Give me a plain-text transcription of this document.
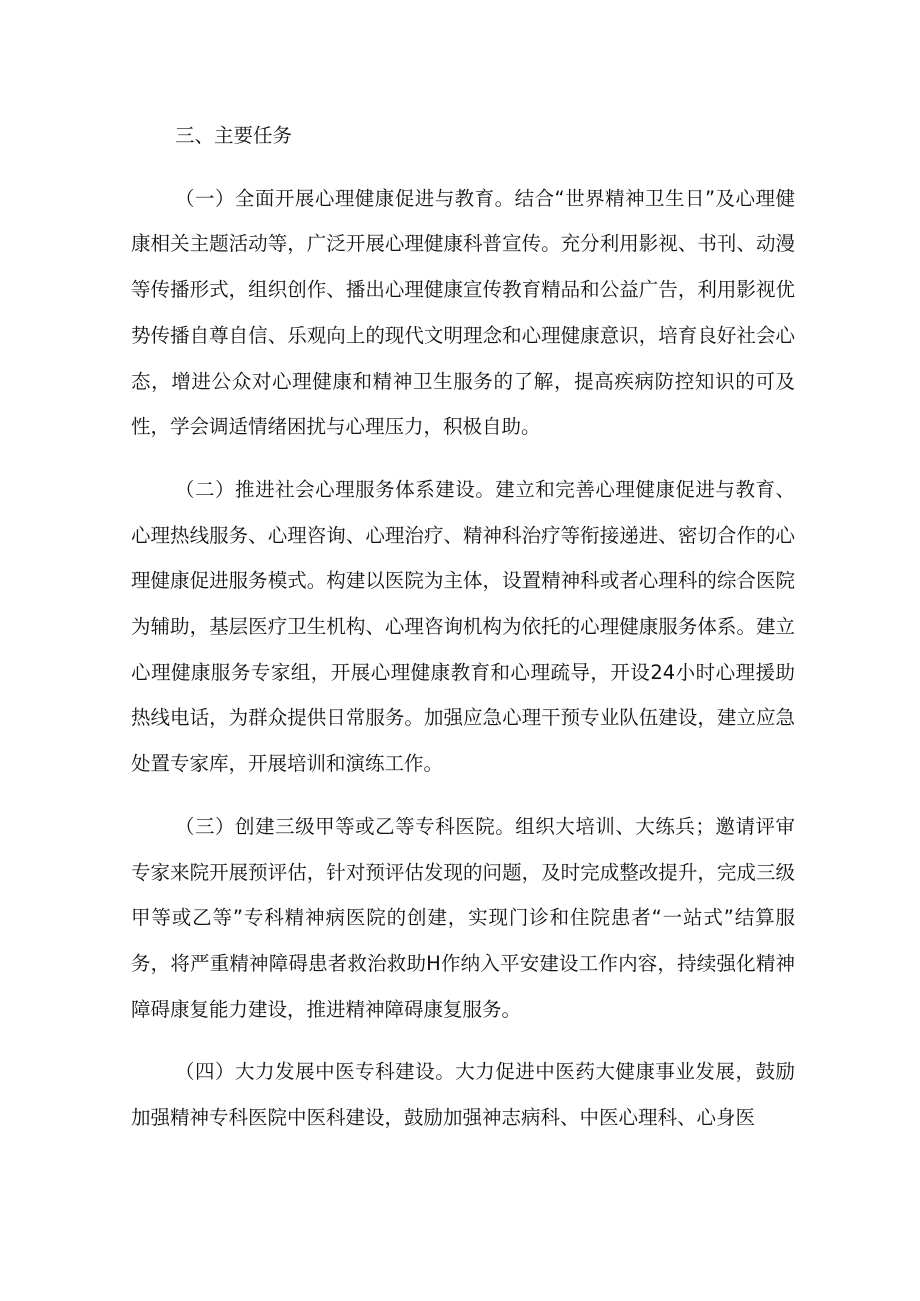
三、主要任务

（一）全面开展心理健康促进与教育。结合“世界精神卫生日”及心理健康相关主题活动等，广泛开展心理健康科普宣传。充分利用影视、书刊、动漫等传播形式，组织创作、播出心理健康宣传教育精品和公益广告，利用影视优势传播自尊自信、乐观向上的现代文明理念和心理健康意识，培育良好社会心态，增进公众对心理健康和精神卫生服务的了解，提高疾病防控知识的可及性，学会调适情绪困扰与心理压力，积极自助。

（二）推进社会心理服务体系建设。建立和完善心理健康促进与教育、心理热线服务、心理咨询、心理治疗、精神科治疗等衔接递进、密切合作的心理健康促进服务模式。构建以医院为主体，设置精神科或者心理科的综合医院为辅助，基层医疗卫生机构、心理咨询机构为依托的心理健康服务体系。建立心理健康服务专家组，开展心理健康教育和心理疏导，开设24小时心理援助热线电话，为群众提供日常服务。加强应急心理干预专业队伍建设，建立应急处置专家库，开展培训和演练工作。

（三）创建三级甲等或乙等专科医院。组织大培训、大练兵；邀请评审专家来院开展预评估，针对预评估发现的问题，及时完成整改提升，完成三级甲等或乙等”专科精神病医院的创建，实现门诊和住院患者“一站式”结算服务，将严重精神障碍患者救治救助H作纳入平安建设工作内容，持续强化精神障碍康复能力建设，推进精神障碍康复服务。

（四）大力发展中医专科建设。大力促进中医药大健康事业发展，鼓励加强精神专科医院中医科建设，鼓励加强神志病科、中医心理科、心身医
